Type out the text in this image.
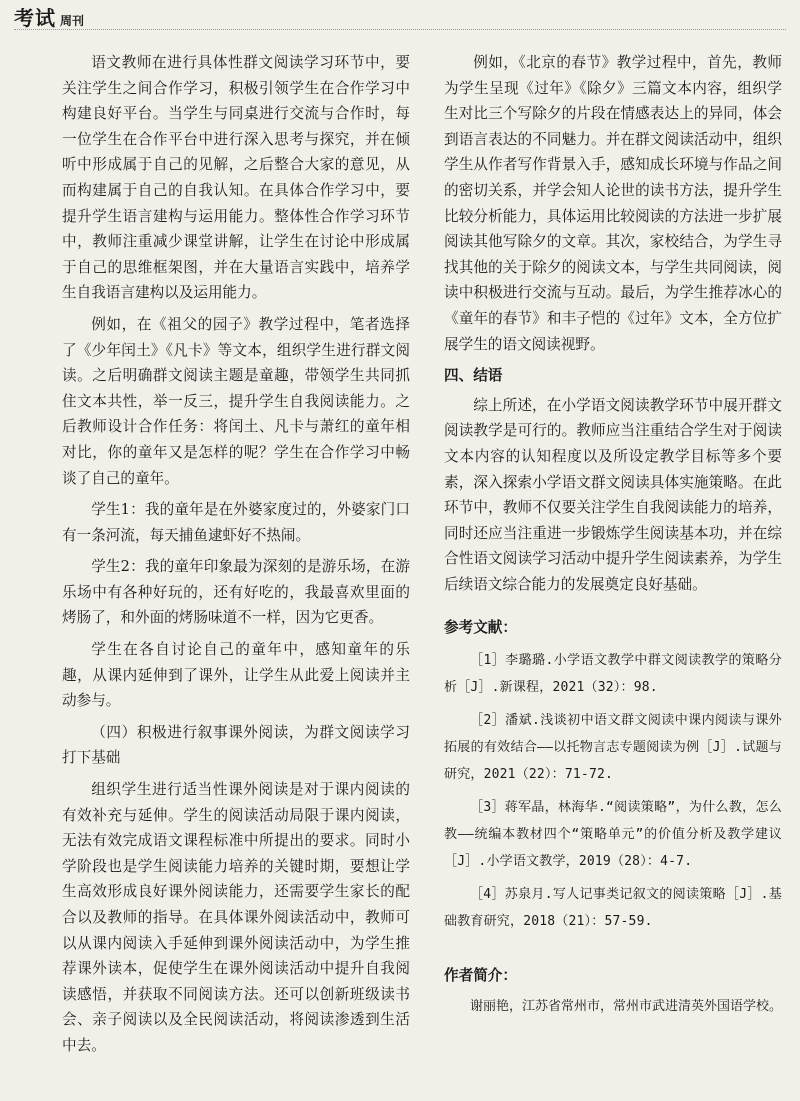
考试 周刊

语文教师在进行具体性群文阅读学习环节中，要关注学生之间合作学习，积极引领学生在合作学习中构建良好平台。当学生与同桌进行交流与合作时，每一位学生在合作平台中进行深入思考与探究，并在倾听中形成属于自己的见解，之后整合大家的意见，从而构建属于自己的自我认知。在具体合作学习中，要提升学生语言建构与运用能力。整体性合作学习环节中，教师注重减少课堂讲解，让学生在讨论中形成属于自己的思维框架图，并在大量语言实践中，培养学生自我语言建构以及运用能力。

例如，在《祖父的园子》教学过程中，笔者选择了《少年闰土》《凡卡》等文本，组织学生进行群文阅读。之后明确群文阅读主题是童趣，带领学生共同抓住文本共性，举一反三，提升学生自我阅读能力。之后教师设计合作任务：将闰土、凡卡与萧红的童年相对比，你的童年又是怎样的呢？学生在合作学习中畅谈了自己的童年。

学生1：我的童年是在外婆家度过的，外婆家门口有一条河流，每天捕鱼逮虾好不热闹。

学生2：我的童年印象最为深刻的是游乐场，在游乐场中有各种好玩的，还有好吃的，我最喜欢里面的烤肠了，和外面的烤肠味道不一样，因为它更香。

学生在各自讨论自己的童年中，感知童年的乐趣，从课内延伸到了课外，让学生从此爱上阅读并主动参与。

（四）积极进行叙事课外阅读，为群文阅读学习打下基础

组织学生进行适当性课外阅读是对于课内阅读的有效补充与延伸。学生的阅读活动局限于课内阅读，无法有效完成语文课程标准中所提出的要求。同时小学阶段也是学生阅读能力培养的关键时期，要想让学生高效形成良好课外阅读能力，还需要学生家长的配合以及教师的指导。在具体课外阅读活动中，教师可以从课内阅读入手延伸到课外阅读活动中，为学生推荐课外读本，促使学生在课外阅读活动中提升自我阅读感悟，并获取不同阅读方法。还可以创新班级读书会、亲子阅读以及全民阅读活动，将阅读渗透到生活中去。

例如，《北京的春节》教学过程中，首先，教师为学生呈现《过年》《除夕》三篇文本内容，组织学生对比三个写除夕的片段在情感表达上的异同，体会到语言表达的不同魅力。并在群文阅读活动中，组织学生从作者写作背景入手，感知成长环境与作品之间的密切关系，并学会知人论世的读书方法，提升学生比较分析能力，具体运用比较阅读的方法进一步扩展阅读其他写除夕的文章。其次，家校结合，为学生寻找其他的关于除夕的阅读文本，与学生共同阅读，阅读中积极进行交流与互动。最后，为学生推荐冰心的《童年的春节》和丰子恺的《过年》文本，全方位扩展学生的语文阅读视野。

四、结语

综上所述，在小学语文阅读教学环节中展开群文阅读教学是可行的。教师应当注重结合学生对于阅读文本内容的认知程度以及所设定教学目标等多个要素，深入探索小学语文群文阅读具体实施策略。在此环节中，教师不仅要关注学生自我阅读能力的培养，同时还应当注重进一步锻炼学生阅读基本功，并在综合性语文阅读学习活动中提升学生阅读素养，为学生后续语文综合能力的发展奠定良好基础。

参考文献：

［1］李璐璐.小学语文教学中群文阅读教学的策略分析［J］.新课程，2021（32）：98.

［2］潘斌.浅谈初中语文群文阅读中课内阅读与课外拓展的有效结合——以托物言志专题阅读为例［J］.试题与研究，2021（22）：71-72.

［3］蒋军晶，林海华.“阅读策略”，为什么教，怎么教——统编本教材四个“策略单元”的价值分析及教学建议［J］.小学语文教学，2019（28）：4-7.

［4］苏泉月.写人记事类记叙文的阅读策略［J］.基础教育研究，2018（21）：57-59.

作者简介：

谢丽艳，江苏省常州市，常州市武进清英外国语学校。
